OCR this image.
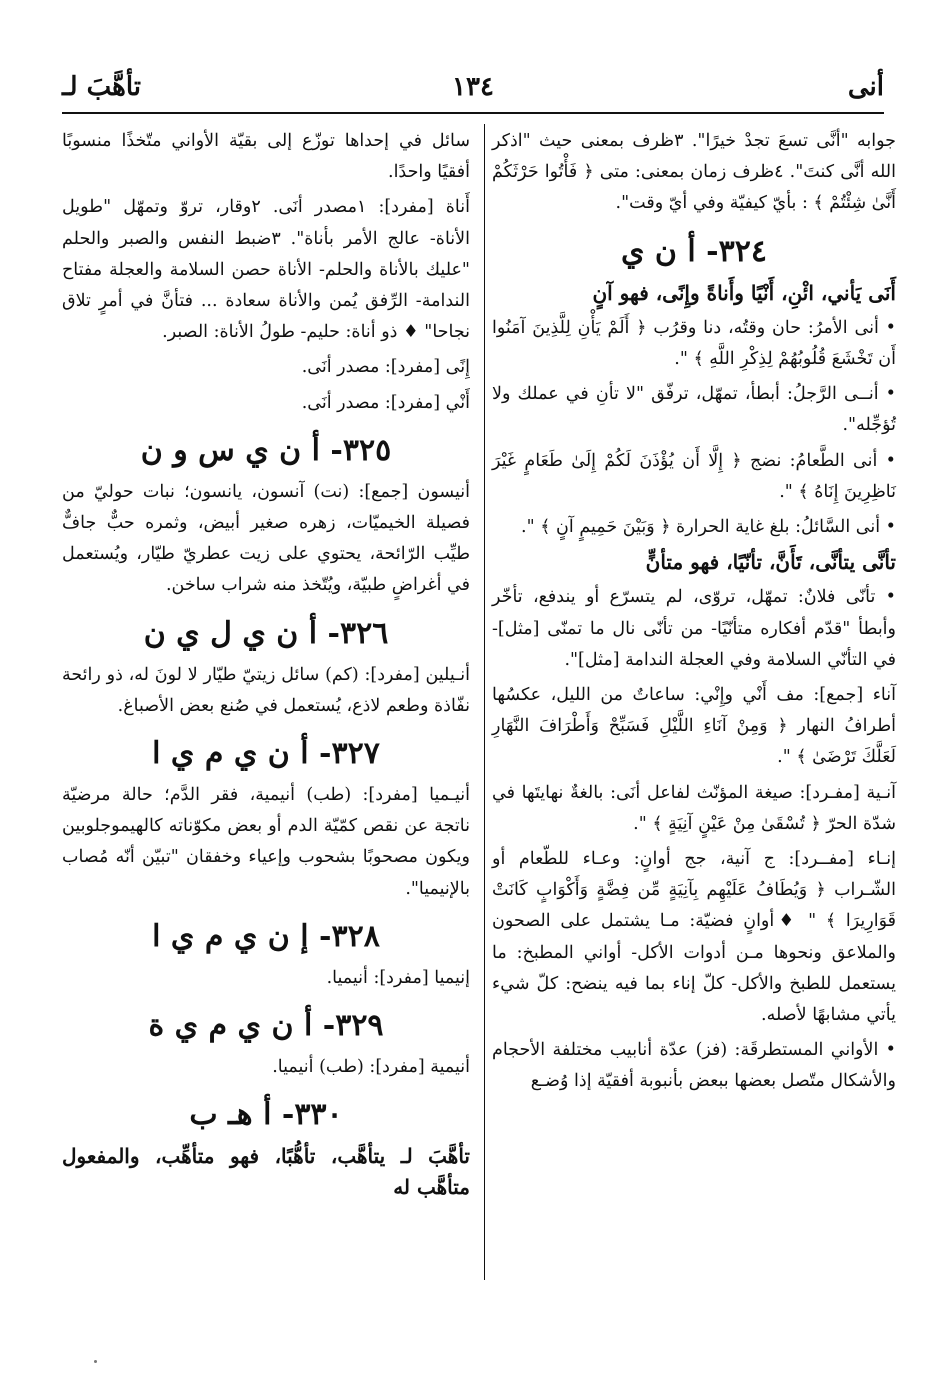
أنى
١٣٤
تأهَّبَ لـ

جوابه "أنَّى تسعَ تجدْ خيرًا". ٣ظرف بمعنى حيث "اذكر الله أنَّى كنتَ". ٤ظرف زمان بمعنى: متى ﴿ فَأْتُوا حَرْثَكُمْ أَنَّىٰ شِئْتُمْ ﴾ : بأيّ كيفيّة وفي أيّ وقت".

٣٢٤- أ ن ي

أَنَى يَأني، ائْنِ، أَنْيًا وأَناةً وإِنًى، فهو آنٍ

• أنى الأمرُ: حان وقتُه، دنا وقرُب ﴿ أَلَمْ يَأْنِ لِلَّذِينَ آمَنُوا أَن تَخْشَعَ قُلُوبُهُمْ لِذِكْرِ اللَّهِ ﴾ ".

• أنــى الرَّجلُ: أبطأ، تمهّل، ترفّق "لا تأنِ في عملك ولا تُؤجِّله".

• أنى الطَّعامُ: نضج ﴿ إِلَّا أَن يُؤْذَنَ لَكُمْ إِلَىٰ طَعَامٍ غَيْرَ نَاظِرِينَ إِنَاهُ ﴾ ".

• أنى السَّائلُ: بلغ غاية الحرارة ﴿ وَبَيْنَ حَمِيمٍ آنٍ ﴾ ".

تأنَّى يتأنَّى، تَأَنَّ، تأنّيًا، فهو متأنٍّ

• تأنّى فلانٌ: تمهّل، تروّى، لم يتسرّع أو يندفع، تأخّر وأبطأ "قدّم أفكاره متأنّيًا- من تأنّى نال ما تمنّى [مثل]- في التأنّي السلامة وفي العجلة الندامة [مثل]".

آناء [جمع]: مف أَنْي وإِنْي: ساعاتٌ من الليل، عكسُها أطرافُ النهار ﴿ وَمِنْ آنَاءِ اللَّيْلِ فَسَبِّحْ وَأَطْرَافَ النَّهَارِ لَعَلَّكَ تَرْضَىٰ ﴾ ".

آنـية [مفـرد]: صيغة المؤنّث لفاعل أنَى: بالغةٌ نهايتَها في شدّة الحرّ ﴿ تُسْقَىٰ مِنْ عَيْنٍ آنِيَةٍ ﴾ ".

إنـاء [مفــرد]: ج آنية، جج أوانٍ: وعـاء للطّعام أو الشّـراب ﴿ وَيُطَافُ عَلَيْهِم بِآنِيَةٍ مِّن فِضَّةٍ وَأَكْوَابٍ كَانَتْ قَوَارِيرَا ﴾ " ♦أوانٍ فضيّة: مـا يشتمل على الصحون والملاعق ونحوها مـن أدوات الأكل- أواني المطبخ: ما يستعمل للطبخ والأكل- كلّ إناء بما فيه ينضح: كلّ شيء يأتي مشابهًا لأصله.

• الأواني المستطرقَة: (فز) عدّة أنابيب مختلفة الأحجام والأشكال متّصل بعضها ببعض بأنبوبة أفقيّة إذا وُضـع

سائل في إحداها توزّع إلى بقيّة الأواني متّخذًا منسوبًا أفقيًا واحدًا.

أَناة [مفرد]: ١مصدر أنَى. ٢وقار، تروّ وتمهّل "طويل الأناة- عالج الأمر بأناة". ٣ضبط النفس والصبر والحلم "عليك بالأناة والحلم- الأناة حصن السلامة والعجلة مفتاح الندامة- الرِّفق يُمن والأناة سعادة ... فتأنَّ في أمرٍ تلاق نجاحا" ♦ ذو أناة: حليم- طولُ الأناة: الصبر.

إِنًى [مفرد]: مصدر أنَى.

أَنْي [مفرد]: مصدر أنَى.

٣٢٥- أ ن ي س و ن

أنيسون [جمع]: (نت) آنسون، يانسون؛ نبات حوليّ من فصيلة الخيميّات، زهره صغير أبيض، وثمره حبٌّ جافٌّ طيِّب الرّائحة، يحتوي على زيت عطريّ طيّار، ويُستعمل في أغراضٍ طبيّة، ويُتّخذ منه شراب ساخن.

٣٢٦- أ ن ي ل ي ن

أنـيلين [مفرد]: (كم) سائل زيتيّ طيّار لا لونَ له، ذو رائحة نفّاذة وطعم لاذع، يُستعمل في صُنع بعض الأصباغ.

٣٢٧- أ ن ي م ي ا

أنيـميا [مفرد]: (طب) أنيمية، فقر الدَّم؛ حالة مرضيّة ناتجة عن نقص كمّيّة الدم أو بعض مكوّناته كالهيموجلوبين ويكون مصحوبًا بشحوب وإعياء وخفقان "تبيّن أنّه مُصاب بالإنيميا".

٣٢٨- إ ن ي م ي ا

إنيميا [مفرد]: أنيميا.

٣٢٩- أ ن ي م ي ة

أنيمية [مفرد]: (طب) أنيميا.

٣٣٠- أ هـ ب

تأهَّبَ لـ يتأهَّب، تأهُّبًا، فهو متأهِّب، والمفعول متأهَّب له
